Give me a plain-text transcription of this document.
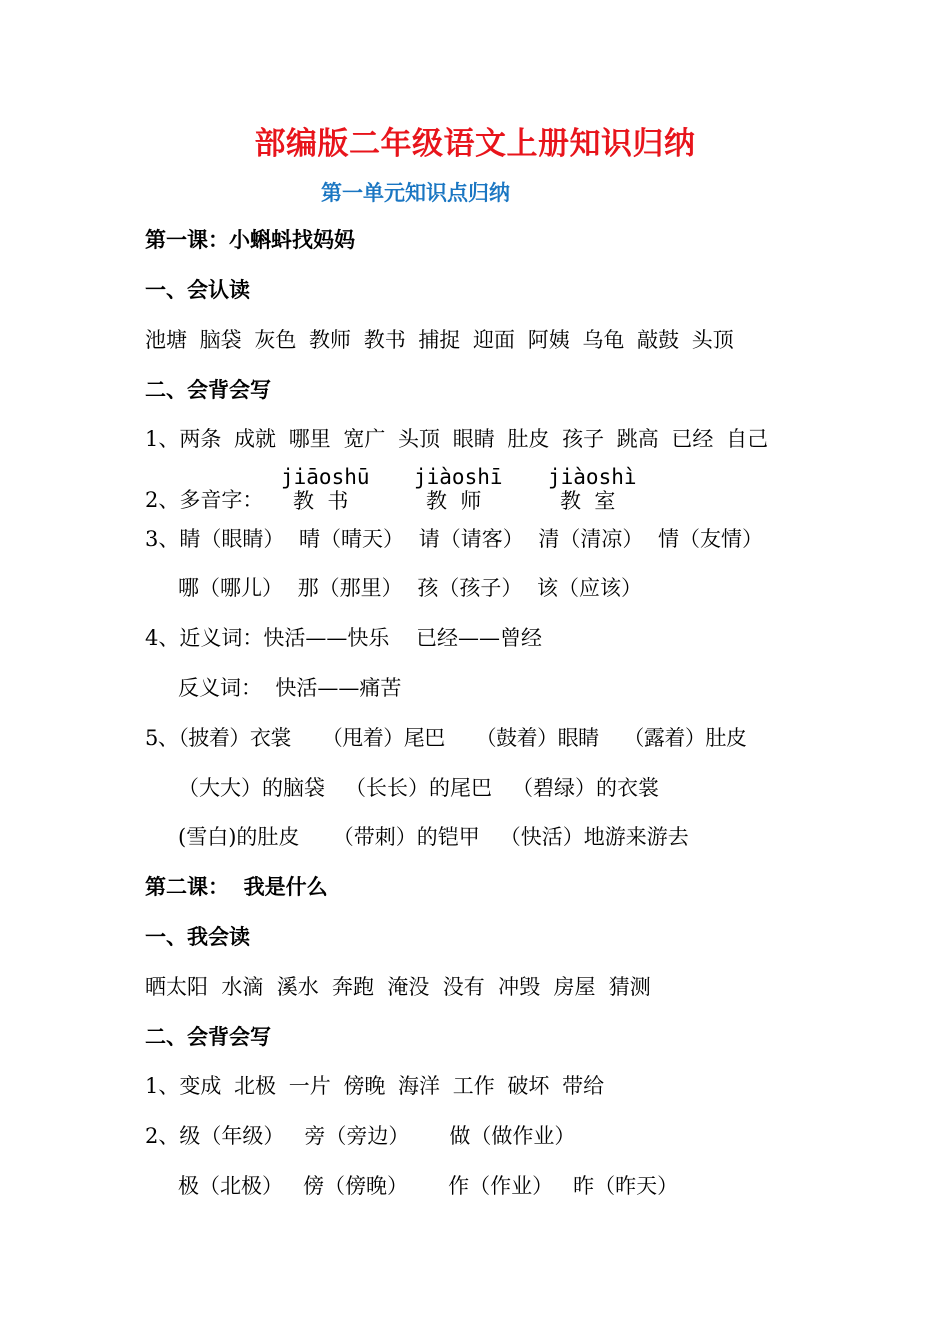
部编版二年级语文上册知识归纳
第一单元知识点归纳
第一课：小蝌蚪找妈妈
一、会认读
池塘 脑袋 灰色 教师 教书 捕捉 迎面 阿姨 乌龟 敲鼓 头顶
二、会背会写
1、两条 成就 哪里 宽广 头顶 眼睛 肚皮 孩子 跳高 已经 自己
2、多音字：
jiāoshū
教  书
jiàoshī
教  师
jiàoshì
教  室
3、睛（眼睛） 晴（晴天） 请（请客） 清（清凉） 情（友情）
哪（哪儿） 那（那里） 孩（孩子） 该（应该）
4、近义词：快活——快乐    已经——曾经
反义词：  快活——痛苦
5、（披着）衣裳     （甩着）尾巴     （鼓着）眼睛    （露着）肚皮
（大大）的脑袋   （长长）的尾巴   （碧绿）的衣裳
(雪白)的肚皮     （带刺）的铠甲   （快活）地游来游去
第二课：  我是什么
一、我会读
晒太阳  水滴  溪水  奔跑  淹没  没有  冲毁  房屋  猜测
二、会背会写
1、变成 北极 一片 傍晚 海洋 工作 破坏 带给
2、级（年级）   旁（旁边）      做（做作业）
极（北极）   傍（傍晚）      作（作业）   昨（昨天）
